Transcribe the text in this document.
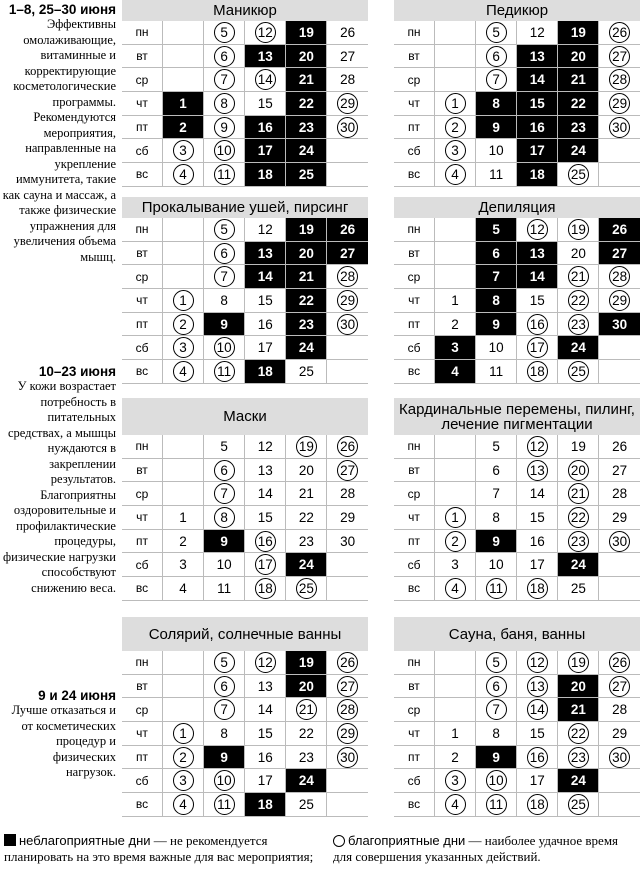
1–8, 25–30 июня
Эффективны омолаживающие, витаминные и корректирующие косметологические программы. Рекомендуются мероприятия, направленные на укрепление иммунитета, такие как сауна и массаж, а также физические упражнения для увеличения объема мышц.
10–23 июня
У кожи возрастает потребность в питательных средствах, а мышцы нуждаются в закреплении результатов. Благоприятны оздоровительные и профилактические процедуры, физические нагрузки способствуют снижению веса.
9 и 24 июня
Лучше отказаться и от косметических процедур и физических нагрузок.
Маникюр
пн		5	12	19	26
вт		6	13	20	27
ср		7	14	21	28
чт	1	8	15	22	29
пт	2	9	16	23	30
сб	3	10	17	24	
вс	4	11	18	25	
Педикюр
пн		5	12	19	26
вт		6	13	20	27
ср		7	14	21	28
чт	1	8	15	22	29
пт	2	9	16	23	30
сб	3	10	17	24	
вс	4	11	18	25	
Прокалывание ушей, пирсинг
пн		5	12	19	26
вт		6	13	20	27
ср		7	14	21	28
чт	1	8	15	22	29
пт	2	9	16	23	30
сб	3	10	17	24	
вс	4	11	18	25	
Депиляция
пн		5	12	19	26
вт		6	13	20	27
ср		7	14	21	28
чт	1	8	15	22	29
пт	2	9	16	23	30
сб	3	10	17	24	
вс	4	11	18	25	
Маски
пн		5	12	19	26
вт		6	13	20	27
ср		7	14	21	28
чт	1	8	15	22	29
пт	2	9	16	23	30
сб	3	10	17	24	
вс	4	11	18	25	
Кардинальные перемены, пилинг, лечение пигментации
пн		5	12	19	26
вт		6	13	20	27
ср		7	14	21	28
чт	1	8	15	22	29
пт	2	9	16	23	30
сб	3	10	17	24	
вс	4	11	18	25	
Солярий, солнечные ванны
пн		5	12	19	26
вт		6	13	20	27
ср		7	14	21	28
чт	1	8	15	22	29
пт	2	9	16	23	30
сб	3	10	17	24	
вс	4	11	18	25	
Сауна, баня, ванны
пн		5	12	19	26
вт		6	13	20	27
ср		7	14	21	28
чт	1	8	15	22	29
пт	2	9	16	23	30
сб	3	10	17	24	
вс	4	11	18	25	
неблагоприятные дни — не рекомендуется планировать на это время важные для вас мероприятия;
благоприятные дни — наиболее удачное время для совершения указанных действий.
